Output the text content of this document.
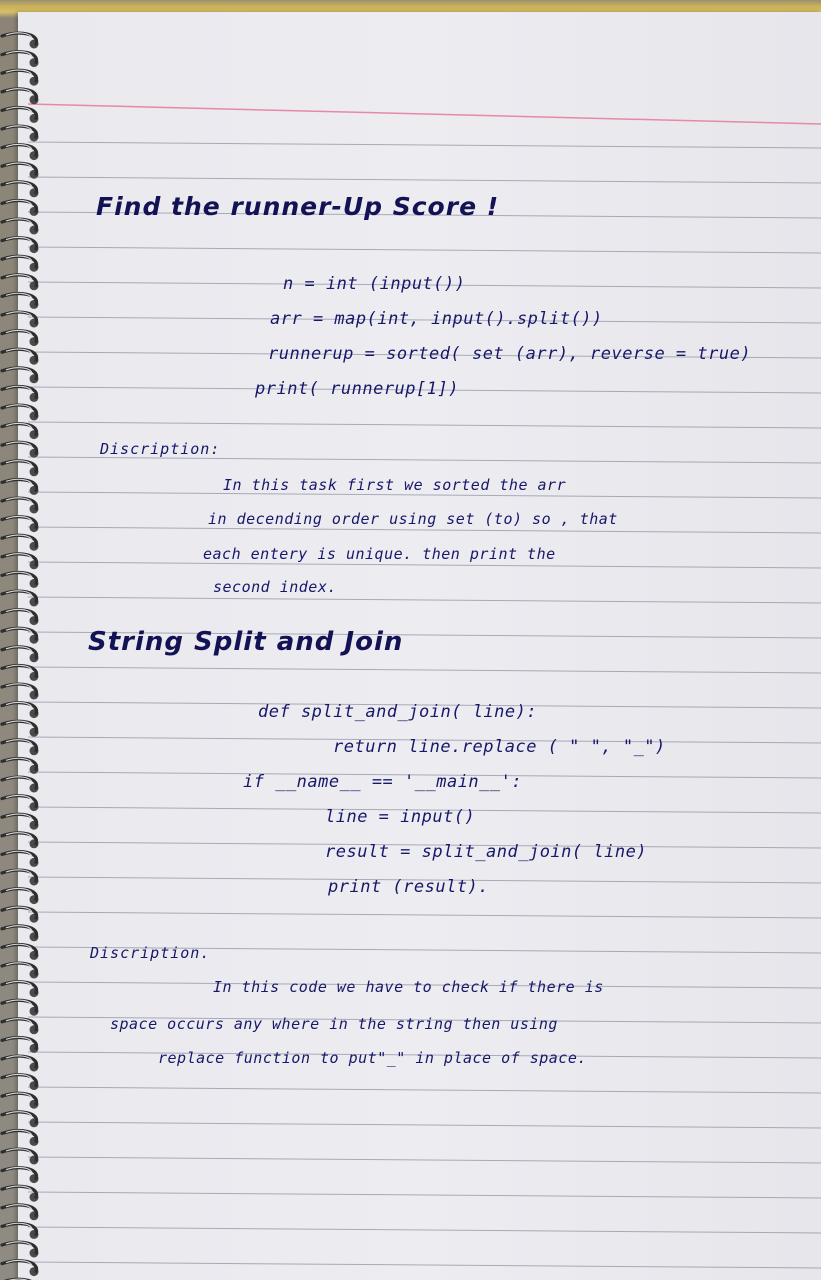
Find the runner-Up Score !

n = int (input())

arr = map(int, input().split())

runnerup = sorted( set (arr), reverse = true)

print( runnerup[1])

Discription:

In this task first we sorted the arr

in decending order using set (to) so , that

each entery is unique. then print the

second index.

String Split and Join

def split_and_join( line):

return line.replace ( " ", "_")

if __name__ == '__main__':

line = input()

result = split_and_join( line)

print (result).

Discription.

In this code we have to check if there is

space occurs any where in the string then using

replace function to put"_" in place of space.
